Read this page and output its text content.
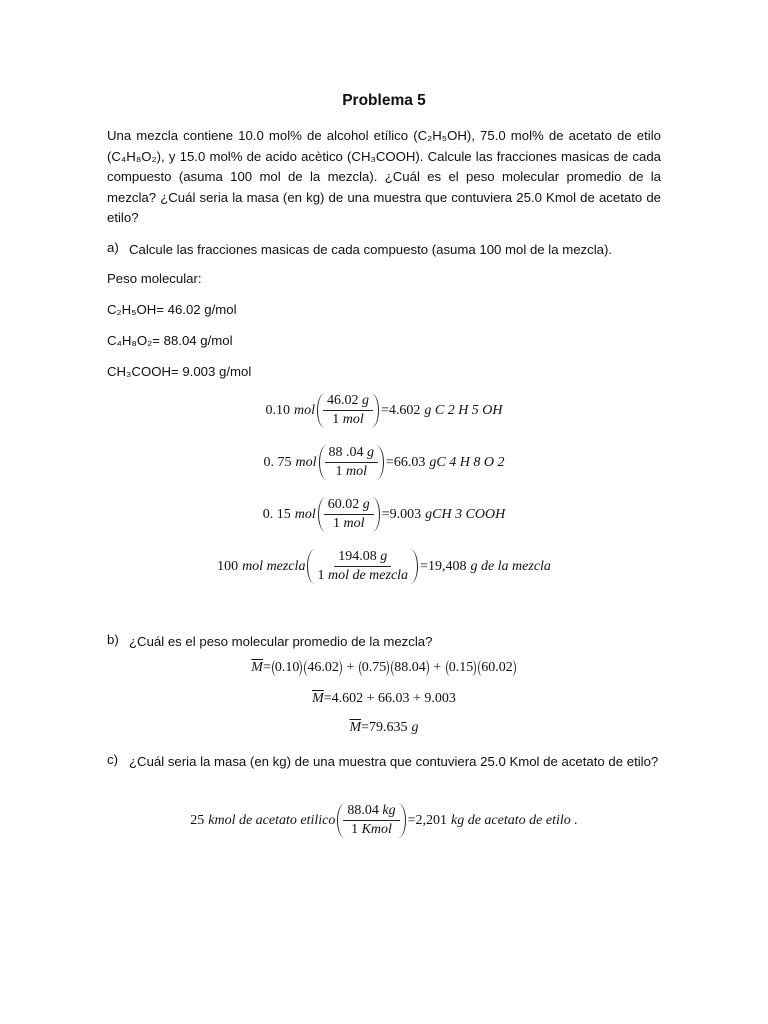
Problema 5
Una mezcla contiene 10.0 mol% de alcohol etílico (C₂H₅OH), 75.0 mol% de acetato de etilo (C₄H₈O₂), y 15.0 mol% de acido acètico (CH₃COOH). Calcule las fracciones masicas de cada compuesto (asuma 100 mol de la mezcla). ¿Cuál es el peso molecular promedio de la mezcla? ¿Cuál seria la masa (en kg) de una muestra que contuviera 25.0 Kmol de acetato de etilo?
a) Calcule las fracciones masicas de cada compuesto (asuma 100 mol de la mezcla).
Peso molecular:
C₂H₅OH= 46.02 g/mol
C₄H₈O₂= 88.04 g/mol
CH₃COOH= 9.003 g/mol
0.10 mol $\frac{46.02 g}{\text{1 mol}} =4.602$ g C 2 H 5 OH
0. 75 mol $\frac{88 .04 g}{\text{1 mol}} =66.03$ gC 4 H 8 O 2
0. 15 mol $\frac{60.02 g}{\text{1 mol}} =9.003$ gCH 3 COOH
100 mol mezcla $\frac{194.08 g}{\text{1 mol de mezcla}} =19,408$ g de la mezcla
b) ¿Cuál es el peso molecular promedio de la mezcla?
$\overline{M} = 0.10$ 46.02 + 0.75 88.04 + 0.15 60.02
$\overline{M} =4.602 + 66.03 + 9.003$
$\overline{M} =79.635$ g
c) ¿Cuál seria la masa (en kg) de una muestra que contuviera 25.0 Kmol de acetato de etilo?
25 kmol de acetato etilico $\frac{88.04 kg}{\text{1 Kmol}} =2,201$ kg de acetato de etilo .
